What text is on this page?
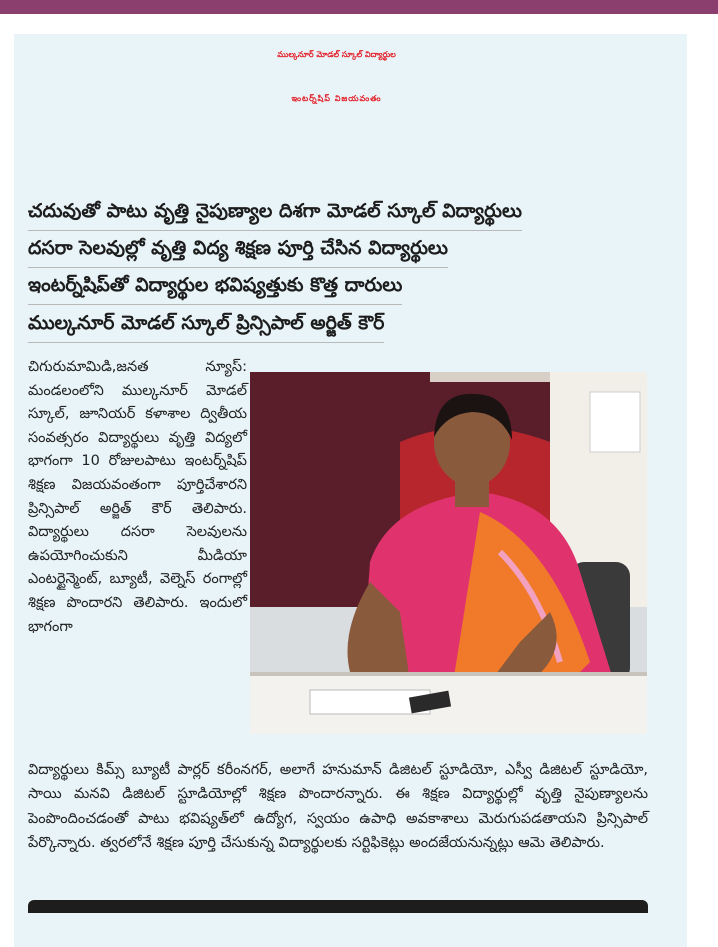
ముల్కనూర్ మోడల్ స్కూల్ విద్యార్థుల
ఇంటర్న్‌షిప్ విజయవంతం
చదువుతో పాటు వృత్తి నైపుణ్యాల దిశగా మోడల్ స్కూల్ విద్యార్థులు
దసరా సెలవుల్లో వృత్తి విద్య శిక్షణ పూర్తి చేసిన విద్యార్థులు
ఇంటర్న్‌షిప్‌తో విద్యార్థుల భవిష్యత్తుకు కొత్త దారులు
ముల్కనూర్ మోడల్ స్కూల్ ప్రిన్సిపాల్ అర్జిత్ కౌర్

చిగురుమామిడి,జనత న్యూస్: మండలంలోని ముల్కనూర్ మోడల్ స్కూల్, జూనియర్ కళాశాల ద్వితీయ సంవత్సరం విద్యార్థులు వృత్తి విద్యలో భాగంగా 10 రోజులపాటు ఇంటర్న్‌షిప్ శిక్షణ విజయవంతంగా పూర్తిచేశారని ప్రిన్సిపాల్ అర్జిత్ కౌర్ తెలిపారు. విద్యార్థులు దసరా సెలవులను ఉపయోగించుకుని మీడియా ఎంటర్టైన్మెంట్, బ్యూటీ, వెల్నెస్ రంగాల్లో శిక్షణ పొందారని తెలిపారు. ఇందులో భాగంగా

విద్యార్థులు కిమ్స్ బ్యూటీ పార్లర్ కరీంనగర్, అలాగే హనుమాన్ డిజిటల్ స్టూడియో, ఎస్వీ డిజిటల్ స్టూడియో, సాయి మనవి డిజిటల్ స్టూడియోల్లో శిక్షణ పొందారన్నారు. ఈ శిక్షణ విద్యార్థుల్లో వృత్తి నైపుణ్యాలను పెంపొందించడంతో పాటు భవిష్యత్‌లో ఉద్యోగ, స్వయం ఉపాధి అవకాశాలు మెరుగుపడతాయని ప్రిన్సిపాల్ పేర్కొన్నారు. త్వరలోనే శిక్షణ పూర్తి చేసుకున్న విద్యార్థులకు సర్టిఫికెట్లు అందజేయనున్నట్లు ఆమె తెలిపారు.
